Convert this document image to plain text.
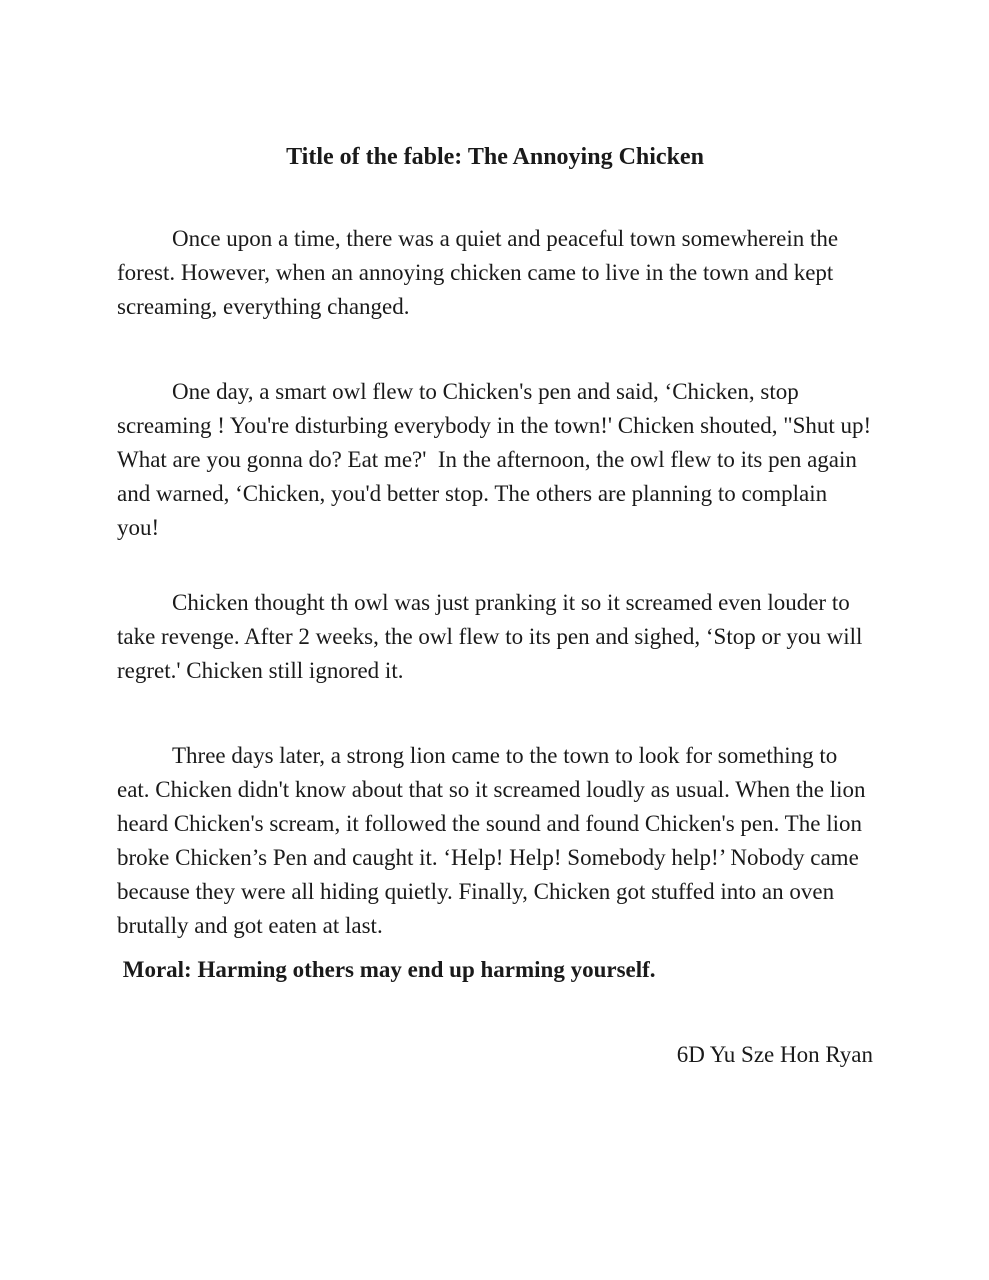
Title of the fable: The Annoying Chicken

Once upon a time, there was a quiet and peaceful town somewherein the forest. However, when an annoying chicken came to live in the town and kept screaming, everything changed.

One day, a smart owl flew to Chicken's pen and said, ‘Chicken, stop screaming ! You're disturbing everybody in the town!' Chicken shouted, "Shut up! What are you gonna do? Eat me?'  In the afternoon, the owl flew to its pen again and warned, ‘Chicken, you'd better stop. The others are planning to complain you!

Chicken thought th owl was just pranking it so it screamed even louder to take revenge. After 2 weeks, the owl flew to its pen and sighed, ‘Stop or you will regret.' Chicken still ignored it.

Three days later, a strong lion came to the town to look for something to eat. Chicken didn't know about that so it screamed loudly as usual. When the lion heard Chicken's scream, it followed the sound and found Chicken's pen. The lion broke Chicken’s Pen and caught it. ‘Help! Help! Somebody help!’ Nobody came because they were all hiding quietly. Finally, Chicken got stuffed into an oven brutally and got eaten at last.

Moral: Harming others may end up harming yourself.

6D Yu Sze Hon Ryan
